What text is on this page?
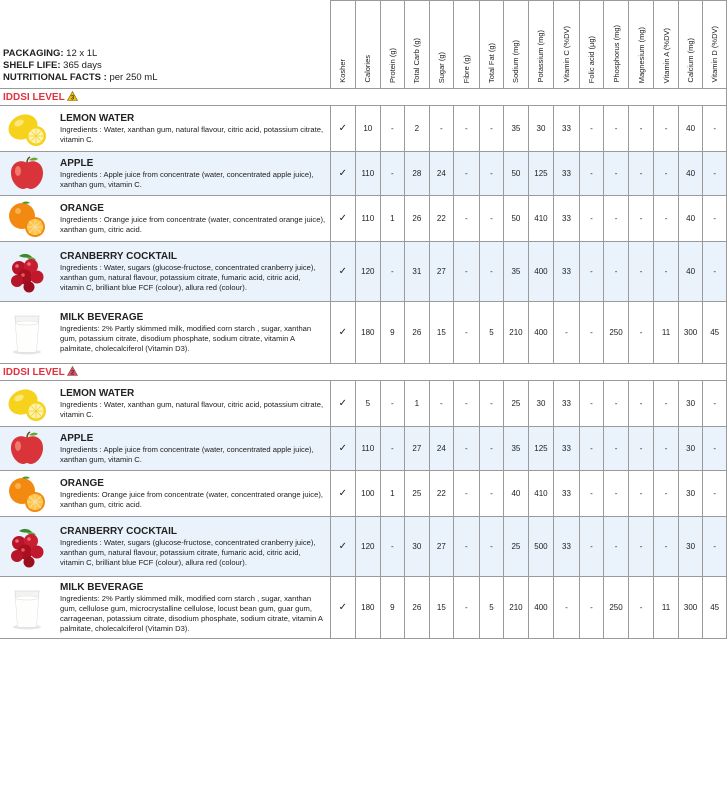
PACKAGING: 12 x 1L
SHELF LIFE: 365 days
NUTRITIONAL FACTS : per 250 mL	Kosher	Calories	Protein (g)	Total Carb (g)	Sugar (g)	Fibre (g)	Total Fat (g)	Sodium (mg)	Potassium (mg)	Vitamin C (%DV)	Folic acid (µg)	Phosphorus (mg)	Magnesium (mg)	Vitamin A (%DV)	Calcium (mg)	Vitamin D (%DV)
IDDSI LEVEL 3																

LEMON WATER
Ingredients : Water, xanthan gum, natural flavour, citric acid, potassium citrate, vitamin C.	✓	10	-	2	-	-	-	35	30	33	-	-	-	-	40	-

APPLE
Ingredients : Apple juice from concentrate (water, concentrated apple juice), xanthan gum, vitamin C.	✓	110	-	28	24	-	-	50	125	33	-	-	-	-	40	-

ORANGE
Ingredients : Orange juice from concentrate (water, concentrated orange juice), xanthan gum, citric acid.	✓	110	1	26	22	-	-	50	410	33	-	-	-	-	40	-

CRANBERRY COCKTAIL
Ingredients : Water, sugars (glucose-fructose, concentrated cranberry juice), xanthan gum, natural flavour, potassium citrate, fumaric acid, citric acid, vitamin C, brilliant blue FCF (colour), allura red (colour).	✓	120	-	31	27	-	-	35	400	33	-	-	-	-	40	-

MILK BEVERAGE
Ingredients: 2% Partly skimmed milk, modified corn starch , sugar, xanthan gum, potassium citrate, disodium phosphate, sodium citrate, vitamin A palmitate, cholecalciferol (Vitamin D3).	✓	180	9	26	15	-	5	210	400	-	-	250	-	11	300	45
IDDSI LEVEL 2																

LEMON WATER
Ingredients : Water, xanthan gum, natural flavour, citric acid, potassium citrate, vitamin C.	✓	5	-	1	-	-	-	25	30	33	-	-	-	-	30	-

APPLE
Ingredients : Apple juice from concentrate (water, concentrated apple juice), xanthan gum, vitamin C.	✓	110	-	27	24	-	-	35	125	33	-	-	-	-	30	-

ORANGE
Ingredients: Orange juice from concentrate (water, concentrated orange juice), xanthan gum, citric acid.	✓	100	1	25	22	-	-	40	410	33	-	-	-	-	30	-

CRANBERRY COCKTAIL
Ingredients : Water, sugars (glucose-fructose, concentrated cranberry juice), xanthan gum, natural flavour, potassium citrate, fumaric acid, citric acid, vitamin C, brilliant blue FCF (colour), allura red (colour).	✓	120	-	30	27	-	-	25	500	33	-	-	-	-	30	-

MILK BEVERAGE
Ingredients: 2% Partly skimmed milk, modified corn starch , sugar, xanthan gum, cellulose gum, microcrystalline cellulose, locust bean gum, guar gum, carrageenan, potassium citrate, disodium phosphate, sodium citrate, vitamin A palmitate, cholecalciferol (Vitamin D3).	✓	180	9	26	15	-	5	210	400	-	-	250	-	11	300	45
